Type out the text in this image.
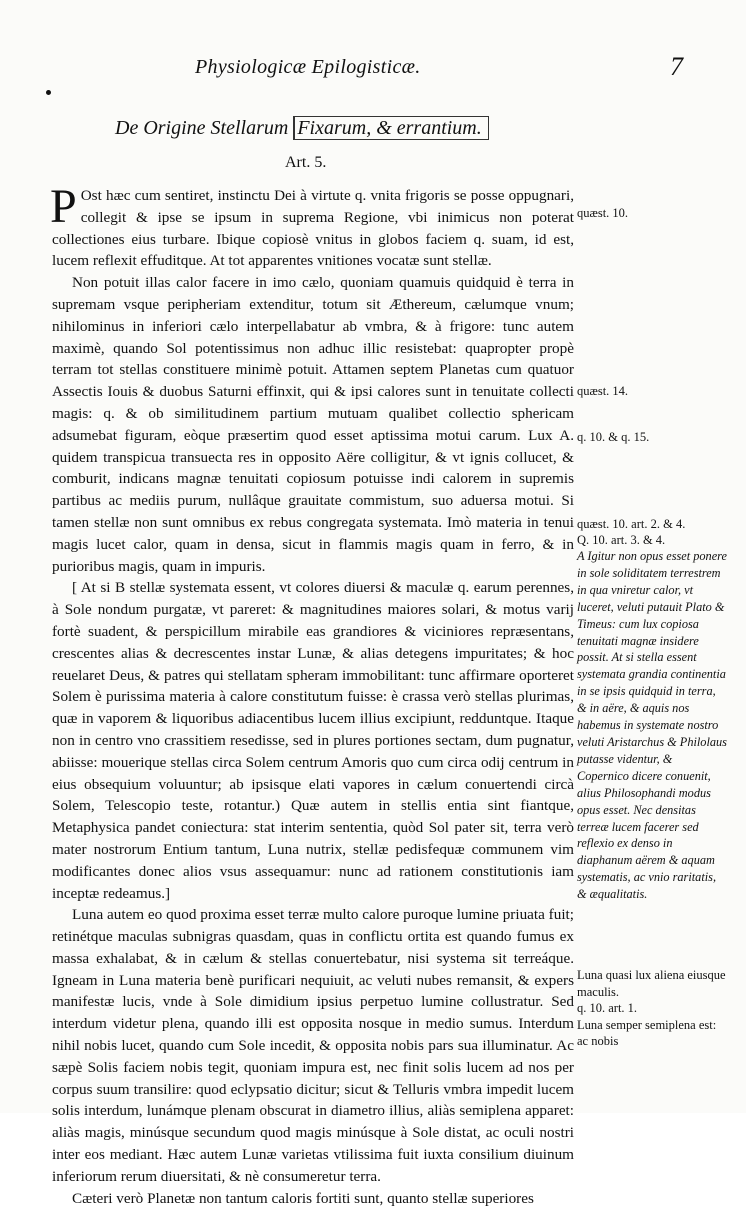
Physiologicæ Epilogisticæ.	7
De Origine Stellarum Fixarum, & errantium.
Art. 5.

P Ost hæc cum sentiret, instinctu Dei à virtute q. vnita frigoris se posse oppugnari, collegit & ipse se ipsum in suprema Regione, vbi inimicus non poterat collectiones eius turbare. Ibique copiosè vnitus in globos faciem q. suam, id est, lucem reflexit effuditque. At tot apparentes vnitiones vocatæ sunt stellæ.

Non potuit illas calor facere in imo cælo, quoniam quamuis quidquid è terra in supremam vsque peripheriam extenditur, totum sit Æthereum, cælumque vnum; nihilominus in inferiori cælo interpellabatur ab vmbra, & à frigore: tunc autem maximè, quando Sol potentissimus non adhuc illic resistebat: quapropter propè terram tot stellas constituere minimè potuit. Attamen septem Planetas cum quatuor Assectis Iouis & duobus Saturni effinxit, qui & ipsi calores sunt in tenuitate collecti magis: q. & ob similitudinem partium mutuam qualibet collectio sphericam adsumebat figuram, eòque præsertim quod esset aptissima motui carum. Lux A. quidem transpicua transuecta res in opposito Aëre colligitur, & vt ignis collucet, & comburit, indicans magnæ tenuitati copiosum potuisse indi calorem in supremis partibus ac mediis purum, nullâque grauitate commistum, suo aduersa motui. Si tamen stellæ non sunt omnibus ex rebus congregata systemata. Imò materia in tenui magis lucet calor, quam in densa, sicut in flammis magis quam in ferro, & in purioribus magis, quam in impuris.

[ At si B stellæ systemata essent, vt colores diuersi & maculæ q. earum perennes, à Sole nondum purgatæ, vt pareret: & magnitudines maiores solari, & motus varij fortè suadent, & perspicillum mirabile eas grandiores & viciniores repræsentans, crescentes alias & decrescentes instar Lunæ, & alias detegens impuritates; & hoc reuelaret Deus, & patres qui stellatam spheram immobilitant: tunc affirmare oporteret Solem è purissima materia à calore constitutum fuisse: è crassa verò stellas plurimas, quæ in vaporem & liquoribus adiacentibus lucem illius excipiunt, redduntque. Itaque non in centro vno crassitiem resedisse, sed in plures portiones sectam, dum pugnatur, abiisse: mouerique stellas circa Solem centrum Amoris quo cum circa odij centrum in eius obsequium voluuntur; ab ipsisque elati vapores in cælum conuertendi circà Solem, Telescopio teste, rotantur.) Quæ autem in stellis entia sint fiantque, Metaphysica pandet coniectura: stat interim sententia, quòd Sol pater sit, terra verò mater nostrorum Entium tantum, Luna nutrix, stellæ pedisfequæ communem vim modificantes donec alios vsus assequamur: nunc ad rationem constitutionis iam inceptæ redeamus.]

Luna autem eo quod proxima esset terræ multo calore puroque lumine priuata fuit; retinétque maculas subnigras quasdam, quas in conflictu ortita est quando fumus ex massa exhalabat, & in cælum & stellas conuertebatur, nisi systema sit terreáque. Igneam in Luna materia benè purificari nequiuit, ac veluti nubes remansit, & expers manifestæ lucis, vnde à Sole dimidium ipsius perpetuo lumine collustratur. Sed interdum videtur plena, quando illi est opposita nosque in medio sumus. Interdum nihil nobis lucet, quando cum Sole incedit, & opposita nobis pars sua illuminatur. Ac sæpè Solis faciem nobis tegit, quoniam impura est, nec finit solis lucem ad nos per corpus suum transilire: quod eclypsatio dicitur; sicut & Telluris vmbra impedit lucem solis interdum, lunámque plenam obscurat in diametro illius, aliàs semiplena apparet: aliàs magis, minúsque secundum quod magis minúsque à Sole distat, ac oculi nostri inter eos mediant. Hæc autem Lunæ varietas vtilissima fuit iuxta consilium diuinum inferiorum rerum diuersitati, & nè consumeretur terra.

Cæteri verò Planetæ non tantum caloris fortiti sunt, quanto stellæ superiores

quæst. 10.
quæst. 14.
q. 10. & q. 15.
quæst. 10. art. 2. & 4.
Q. 10. art. 3. & 4.
A Igitur non opus esset ponere in sole soliditatem terrestrem in qua vniretur calor, vt luceret, veluti putauit Plato & Timeus: cum lux copiosa tenuitati magnæ insidere possit. At si stella essent systemata grandia continentia in se ipsis quidquid in terra, & in aëre, & aquis nos habemus in systemate nostro veluti Aristarchus & Philolaus putasse videntur, & Copernico dicere conuenit, alius Philosophandi modus opus esset. Nec densitas terreæ lucem facerer sed reflexio ex denso in diaphanum aërem & aquam systematis, ac vnio raritatis, & æqualitatis.
Luna quasi lux aliena eiusque maculis.
q. 10. art. 1.
Luna semper semiplena est: ac nobis
